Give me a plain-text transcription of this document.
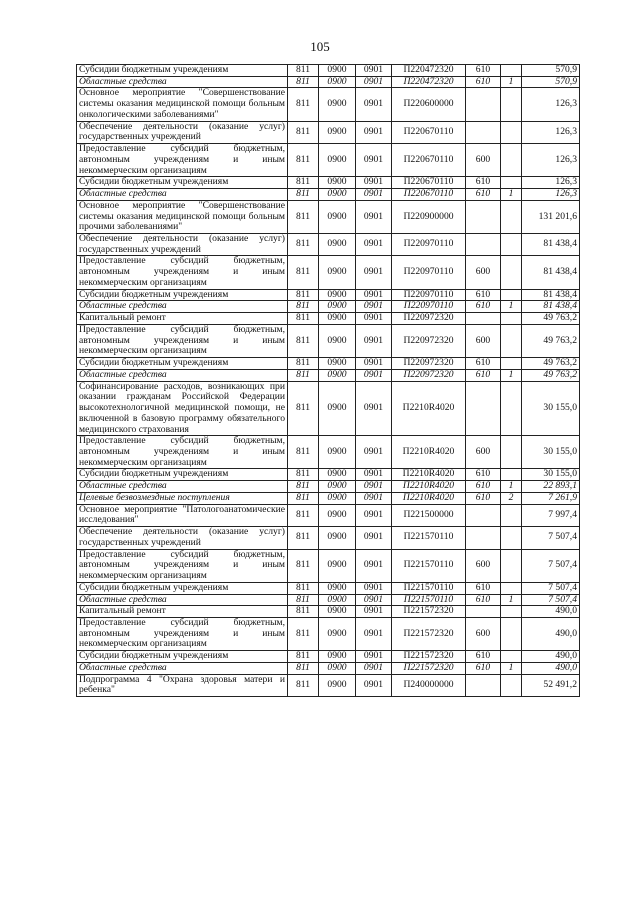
105
Субсидии бюджетным учреждениям	811	0900	0901	П220472320	610		570,9
Областные средства	811	0900	0901	П220472320	610	1	570,9
Основное мероприятие "Совершенствование системы оказания медицинской помощи больным онкологическими заболеваниями"	811	0900	0901	П220600000			126,3
Обеспечение деятельности (оказание услуг) государственных учреждений	811	0900	0901	П220670110			126,3
Предоставление субсидий бюджетным, автономным учреждениям и иным некоммерческим организациям	811	0900	0901	П220670110	600		126,3
Субсидии бюджетным учреждениям	811	0900	0901	П220670110	610		126,3
Областные средства	811	0900	0901	П220670110	610	1	126,3
Основное мероприятие "Совершенствование системы оказания медицинской помощи больным прочими заболеваниями"	811	0900	0901	П220900000			131 201,6
Обеспечение деятельности (оказание услуг) государственных учреждений	811	0900	0901	П220970110			81 438,4
Предоставление субсидий бюджетным, автономным учреждениям и иным некоммерческим организациям	811	0900	0901	П220970110	600		81 438,4
Субсидии бюджетным учреждениям	811	0900	0901	П220970110	610		81 438,4
Областные средства	811	0900	0901	П220970110	610	1	81 438,4
Капитальный ремонт	811	0900	0901	П220972320			49 763,2
Предоставление субсидий бюджетным, автономным учреждениям и иным некоммерческим организациям	811	0900	0901	П220972320	600		49 763,2
Субсидии бюджетным учреждениям	811	0900	0901	П220972320	610		49 763,2
Областные средства	811	0900	0901	П220972320	610	1	49 763,2
Софинансирование расходов, возникающих при оказании гражданам Российской Федерации высокотехнологичной медицинской помощи, не включенной в базовую программу обязательного медицинского страхования	811	0900	0901	П2210R4020			30 155,0
Предоставление субсидий бюджетным, автономным учреждениям и иным некоммерческим организациям	811	0900	0901	П2210R4020	600		30 155,0
Субсидии бюджетным учреждениям	811	0900	0901	П2210R4020	610		30 155,0
Областные средства	811	0900	0901	П2210R4020	610	1	22 893,1
Целевые безвозмездные поступления	811	0900	0901	П2210R4020	610	2	7 261,9
Основное мероприятие "Патологоанатомические исследования"	811	0900	0901	П221500000			7 997,4
Обеспечение деятельности (оказание услуг) государственных учреждений	811	0900	0901	П221570110			7 507,4
Предоставление субсидий бюджетным, автономным учреждениям и иным некоммерческим организациям	811	0900	0901	П221570110	600		7 507,4
Субсидии бюджетным учреждениям	811	0900	0901	П221570110	610		7 507,4
Областные средства	811	0900	0901	П221570110	610	1	7 507,4
Капитальный ремонт	811	0900	0901	П221572320			490,0
Предоставление субсидий бюджетным, автономным учреждениям и иным некоммерческим организациям	811	0900	0901	П221572320	600		490,0
Субсидии бюджетным учреждениям	811	0900	0901	П221572320	610		490,0
Областные средства	811	0900	0901	П221572320	610	1	490,0
Подпрограмма 4 "Охрана здоровья матери и ребенка"	811	0900	0901	П240000000			52 491,2
